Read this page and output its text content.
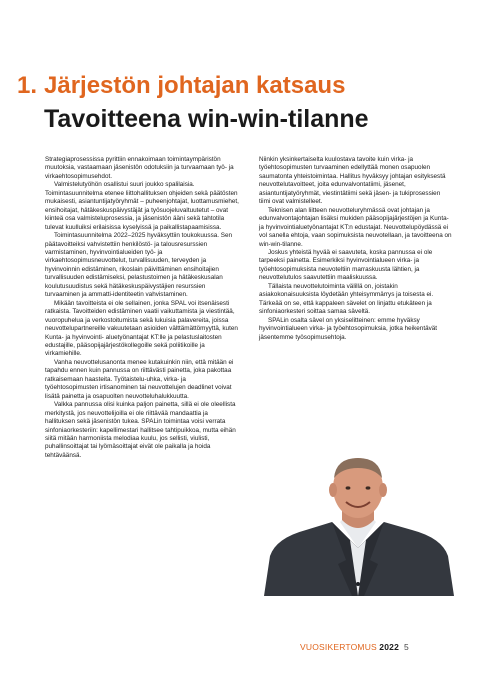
1. Järjestön johtajan katsaus
Tavoitteena win-win-tilanne

Strategiaprosessissa pyrittiin ennakoimaan toimintaympäristön muutoksia, vastaamaan jäsenistön odotuksiin ja turvaamaan työ- ja virkaehtosopimusehdot.

Valmistelutyöhön osallistui suuri joukko spalilaisia. Toimintasuunnitelma etenee liittohallituksen ohjeiden sekä päätösten mukaisesti, asiantuntijatyöryhmät – puheenjohtajat, luottamusmiehet, ensihoitajat, hätäkeskuspäivystäjät ja työsuojeluvaltuutetut – ovat kiinteä osa valmisteluprosessia, ja jäsenistön ääni sekä tahtotila tulevat kuulluiksi erilaisissa kyselyissä ja paikallistapaamisissa.

Toimintasuunnitelma 2022–2025 hyväksyttiin toukokuussa. Sen päätavoitteiksi vahvistettiin henkilöstö- ja talousresurssien varmistaminen, hyvinvointialueiden työ- ja virkaehtosopimusneuvottelut, turvallisuuden, terveyden ja hyvinvoinnin edistäminen, rikoslain päivittäminen ensihoitajien turvallisuuden edistämiseksi, pelastustoimen ja hätäkeskusalan koulutusuudistus sekä hätäkeskuspäivystäjien resurssien turvaaminen ja ammatti-identiteetin vahvistaminen.

Mikään tavoitteista ei ole sellainen, jonka SPAL voi itsenäisesti ratkaista. Tavoitteiden edistäminen vaatii vaikuttamista ja viestintää, vuoropuhelua ja verkostoitumista sekä lukuisia palavereita, joissa neuvottelupartnereille vakuutetaan asioiden välttämättömyyttä, kuten Kunta- ja hyvinvointi- aluetyönantajat KT:lle ja pelastuslaitosten edustajille, pääsopijajärjestökollegoille sekä poliitikoille ja virkamiehille.

Vanha neuvottelusanonta menee kutakuinkin niin, että mitään ei tapahdu ennen kuin pannussa on riittävästi painetta, joka pakottaa ratkaisemaan haasteita. Työtaistelu-uhka, virka- ja työehtosopimusten irtisanominen tai neuvottelujen deadlinet voivat lisätä painetta ja osapuolten neuvotteluhalukkuutta.

Valkka pannussa olisi kuinka paljon painetta, sillä ei ole oleellista merkitystä, jos neuvottelijoilla ei ole riittävää mandaattia ja hallituksen sekä jäsenistön tukea. SPALin toimintaa voisi verrata sinfoniaorkesteriin: kapellimestari hallitsee tahtipuikkoa, mutta eihän siitä mitään harmoniista melodiaa kuulu, jos sellisti, viulisti, puhallinsoittajat tai lyömäsoittajat eivät ole paikalla ja hoida tehtäväänsä.

Niinkin yksinkertaiselta kuulostava tavoite kuin virka- ja työehtosopimusten turvaaminen edellyttää monen osapuolen saumatonta yhteistoimintaa. Hallitus hyväksyy johtajan esityksestä neuvottelutavoitteet, joita edunvalvontatiimi, jäsenet, asiantuntijatyöryhmät, viestintätiimi sekä jäsen- ja tukiprosessien tiimi ovat valmistelleet.

Teknisen alan liitteen neuvotteluryhmässä ovat johtajan ja edunvalvontajohtajan lisäksi mukiden pääsopijajärjestöjen ja Kunta- ja hyvinvointialuetyönantajat KT:n edustajat. Neuvottelupöydässä ei vol sanella ehtoja, vaan sopimuksista neuvotellaan, ja tavoitteena on win-win-tilanne.

Joskus yhteistä hyvää ei saavuteta, koska pannussa ei ole tarpeeksi painetta. Esimerkiksi hyvinvointialueen virka- ja työehtosopimuksista neuvoteltiin marraskuusta lähtien, ja neuvottelutulos saavutettiin maaliskuussa.

Tällaista neuvottelutoiminta välillä on, joistakin asiakokonaisuuksista löydetään yhteisymmärrys ja toisesta ei. Tärkeää on se, että kappaleen sävelet on linjattu etukäteen ja sinfoniaorkesteri soittaa samaa säveltä.

SPALin osalta sävel on yksiselitteinen: emme hyväksy hyvinvointialueen virka- ja työehtosopimuksia, jotka heikentävät jäsentemme työsopimusehtoja.

VUOSIKERTOMUS 2022 5
